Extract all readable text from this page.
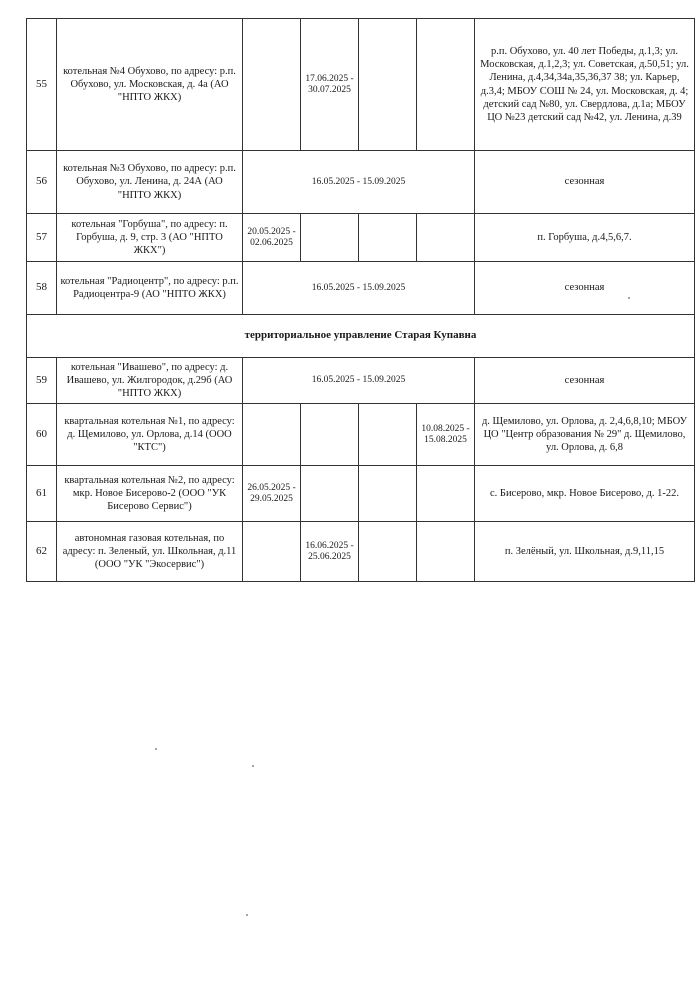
55	котельная №4 Обухово, по адресу: р.п. Обухово, ул. Московская, д. 4а (АО "НПТО ЖКХ)		17.06.2025 - 30.07.2025			р.п. Обухово, ул. 40 лет Победы, д.1,3; ул. Московская, д.1,2,3; ул. Советская, д.50,51; ул. Ленина, д.4,34,34а,35,36,37 38; ул. Карьер, д.3,4; МБОУ СОШ № 24, ул. Московская, д. 4; детский сад №80, ул. Свердлова, д.1а; МБОУ ЦО №23 детский сад №42, ул. Ленина, д.39
56	котельная №3 Обухово, по адресу: р.п. Обухово, ул. Ленина, д. 24А (АО "НПТО ЖКХ)	16.05.2025 - 15.09.2025				сезонная
57	котельная "Горбуша", по адресу: п. Горбуша, д. 9, стр. 3 (АО "НПТО ЖКХ")	20.05.2025 - 02.06.2025				п. Горбуша, д.4,5,6,7.
58	котельная "Радиоцентр", по адресу: р.п. Радиоцентра-9 (АО "НПТО ЖКХ)	16.05.2025 - 15.09.2025				сезонная
территориальное управление Старая Купавна						
59	котельная "Ивашево", по адресу: д. Ивашево, ул. Жилгородок, д.29б (АО "НПТО ЖКХ)	16.05.2025 - 15.09.2025				сезонная
60	квартальная котельная №1, по адресу: д. Щемилово, ул. Орлова, д.14 (ООО "КТС")				10.08.2025 - 15.08.2025	д. Щемилово, ул. Орлова, д. 2,4,6,8,10; МБОУ ЦО "Центр образования № 29" д. Щемилово, ул. Орлова, д. 6,8
61	квартальная котельная №2, по адресу: мкр. Новое Бисерово-2 (ООО "УК Бисерово Сервис")	26.05.2025 - 29.05.2025				с. Бисерово, мкр. Новое Бисерово, д. 1-22.
62	автономная газовая котельная, по адресу: п. Зеленый, ул. Школьная, д.11 (ООО "УК "Экосервис")		16.06.2025 - 25.06.2025			п. Зелёный, ул. Школьная, д.9,11,15
